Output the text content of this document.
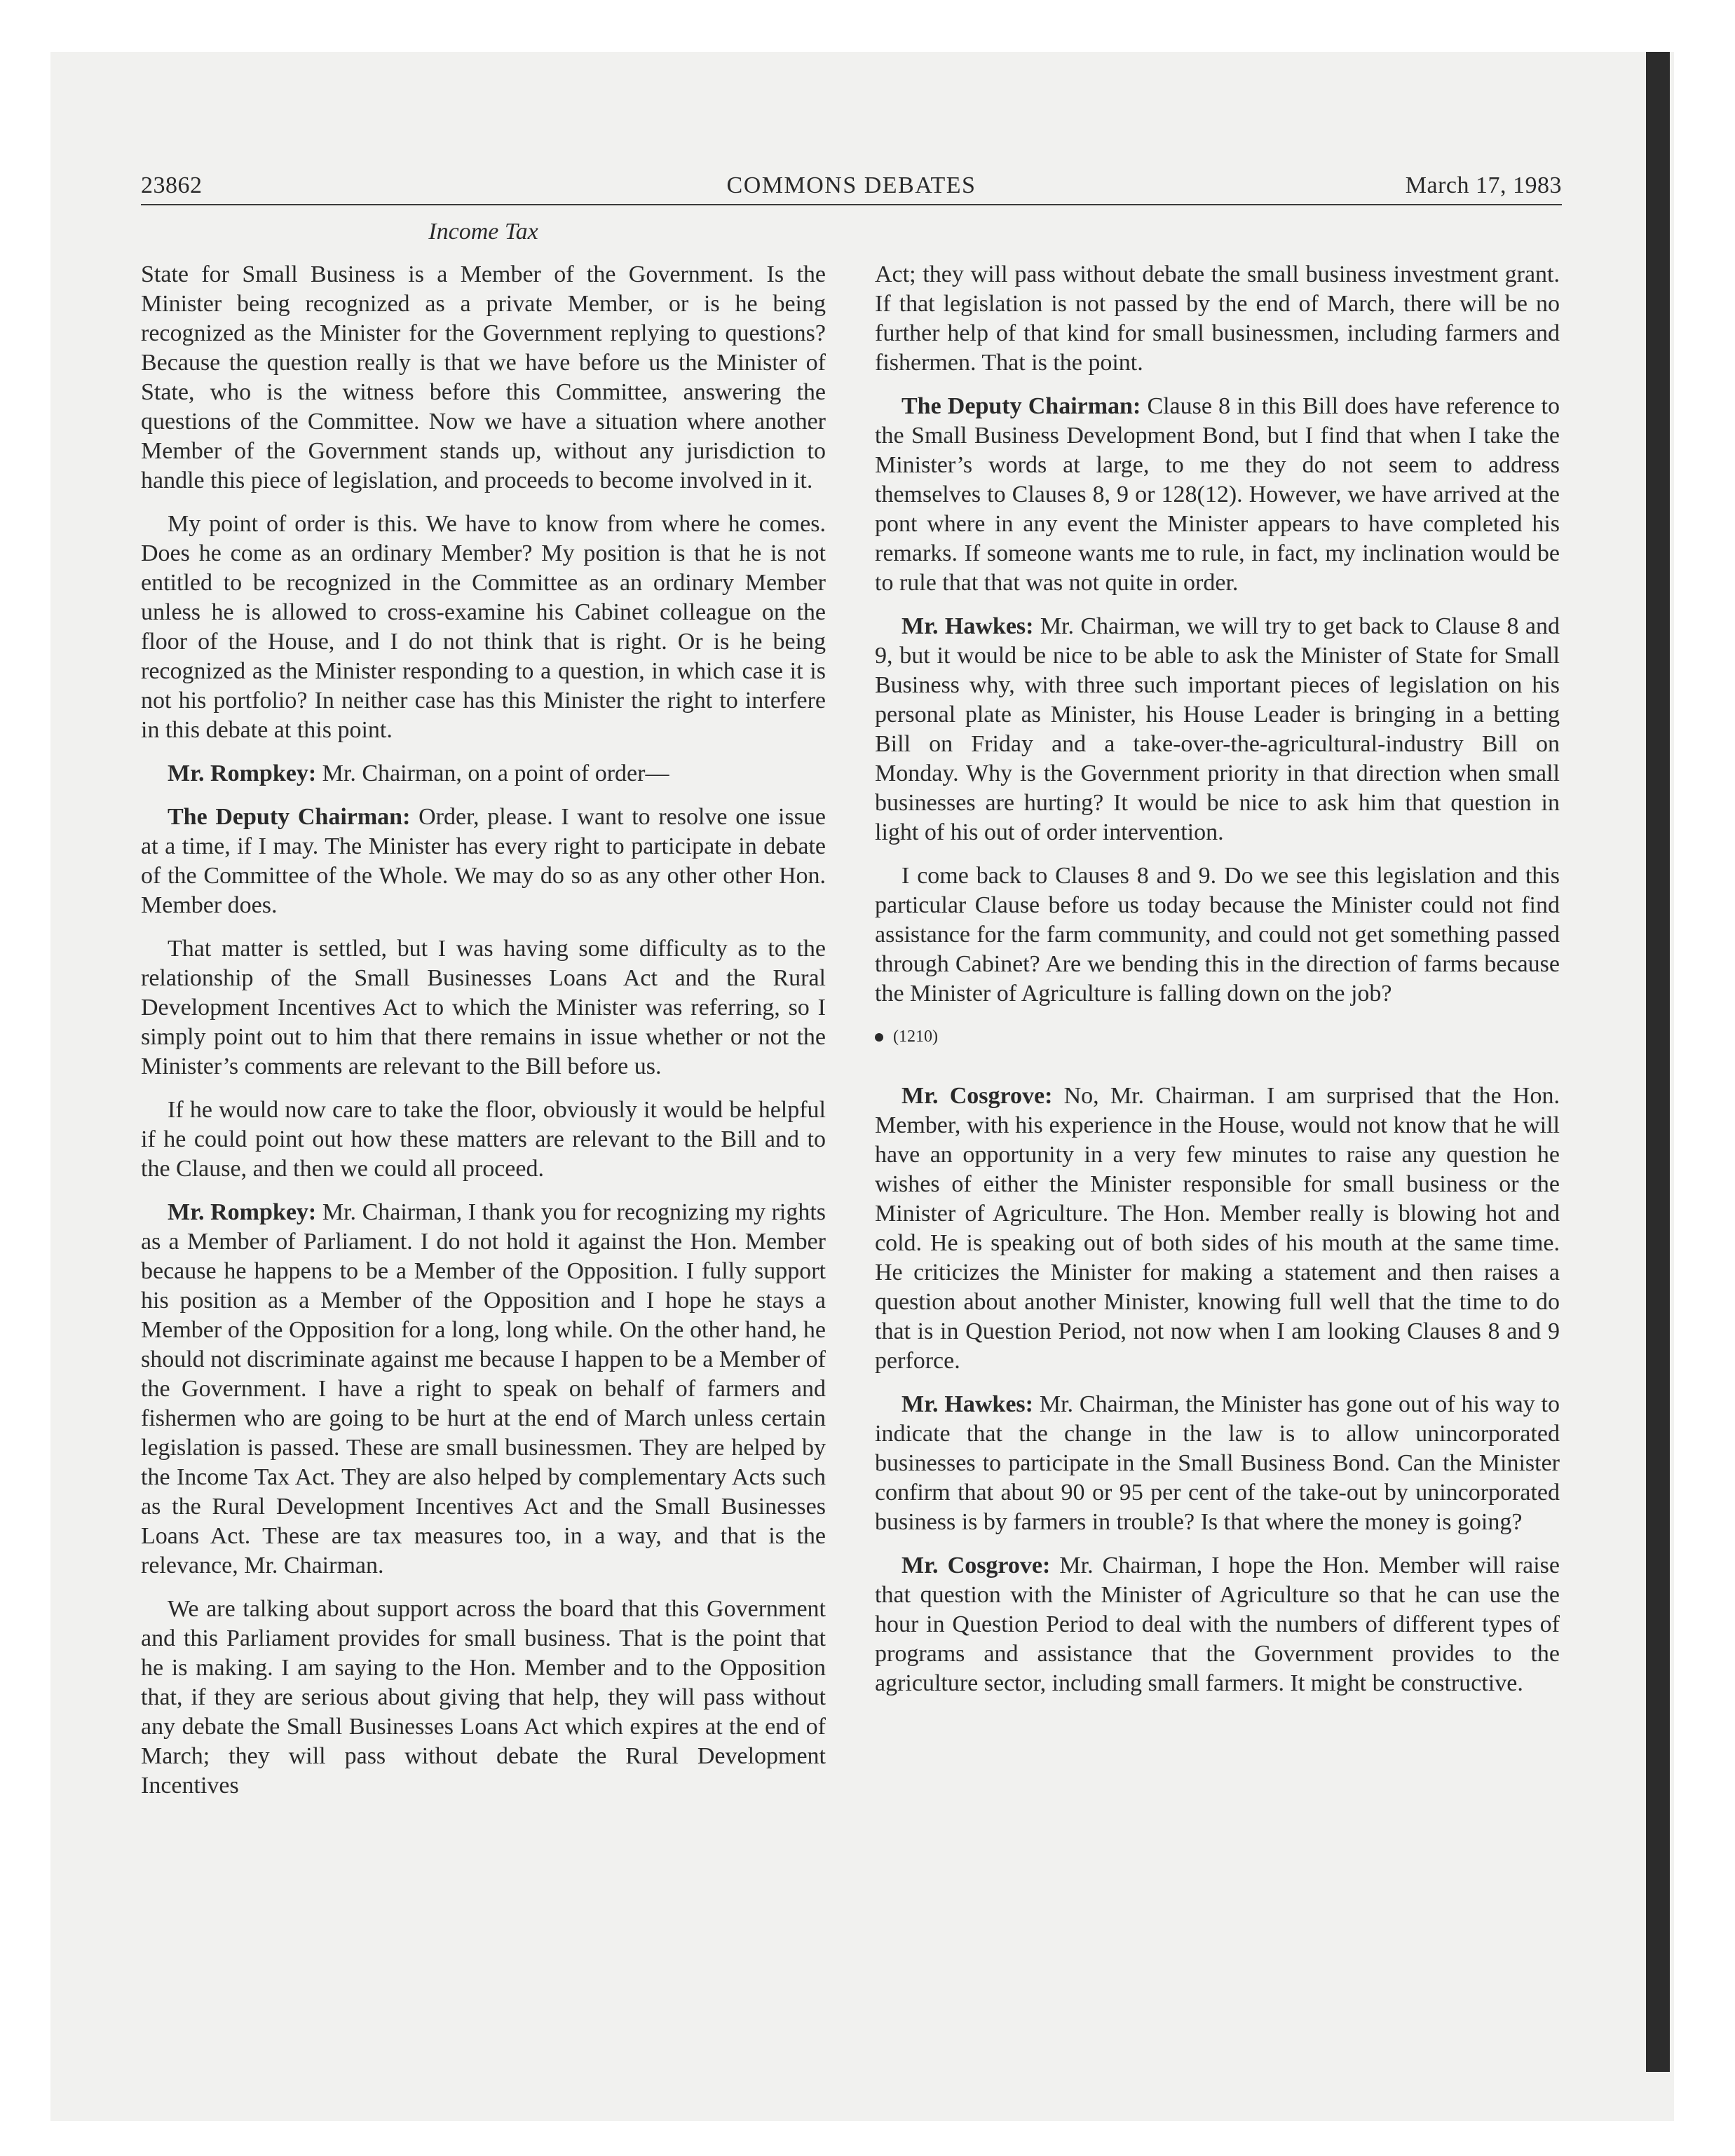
23862	COMMONS DEBATES	March 17, 1983
Income Tax

State for Small Business is a Member of the Government. Is the Minister being recognized as a private Member, or is he being recognized as the Minister for the Government replying to questions? Because the question really is that we have before us the Minister of State, who is the witness before this Committee, answering the questions of the Committee. Now we have a situation where another Member of the Government stands up, without any jurisdiction to handle this piece of legislation, and proceeds to become involved in it.

My point of order is this. We have to know from where he comes. Does he come as an ordinary Member? My position is that he is not entitled to be recognized in the Committee as an ordinary Member unless he is allowed to cross-examine his Cabinet colleague on the floor of the House, and I do not think that is right. Or is he being recognized as the Minister responding to a question, in which case it is not his portfolio? In neither case has this Minister the right to interfere in this debate at this point.

Mr. Rompkey: Mr. Chairman, on a point of order—

The Deputy Chairman: Order, please. I want to resolve one issue at a time, if I may. The Minister has every right to participate in debate of the Committee of the Whole. We may do so as any other other Hon. Member does.

That matter is settled, but I was having some difficulty as to the relationship of the Small Businesses Loans Act and the Rural Development Incentives Act to which the Minister was referring, so I simply point out to him that there remains in issue whether or not the Minister’s comments are relevant to the Bill before us.

If he would now care to take the floor, obviously it would be helpful if he could point out how these matters are relevant to the Bill and to the Clause, and then we could all proceed.

Mr. Rompkey: Mr. Chairman, I thank you for recognizing my rights as a Member of Parliament. I do not hold it against the Hon. Member because he happens to be a Member of the Opposition. I fully support his position as a Member of the Opposition and I hope he stays a Member of the Opposition for a long, long while. On the other hand, he should not discriminate against me because I happen to be a Member of the Government. I have a right to speak on behalf of farmers and fishermen who are going to be hurt at the end of March unless certain legislation is passed. These are small businessmen. They are helped by the Income Tax Act. They are also helped by complementary Acts such as the Rural Development Incentives Act and the Small Businesses Loans Act. These are tax measures too, in a way, and that is the relevance, Mr. Chairman.

We are talking about support across the board that this Government and this Parliament provides for small business. That is the point that he is making. I am saying to the Hon. Member and to the Opposition that, if they are serious about giving that help, they will pass without any debate the Small Businesses Loans Act which expires at the end of March; they will pass without debate the Rural Development Incentives

Act; they will pass without debate the small business investment grant. If that legislation is not passed by the end of March, there will be no further help of that kind for small businessmen, including farmers and fishermen. That is the point.

The Deputy Chairman: Clause 8 in this Bill does have reference to the Small Business Development Bond, but I find that when I take the Minister’s words at large, to me they do not seem to address themselves to Clauses 8, 9 or 128(12). However, we have arrived at the pont where in any event the Minister appears to have completed his remarks. If someone wants me to rule, in fact, my inclination would be to rule that that was not quite in order.

Mr. Hawkes: Mr. Chairman, we will try to get back to Clause 8 and 9, but it would be nice to be able to ask the Minister of State for Small Business why, with three such important pieces of legislation on his personal plate as Minister, his House Leader is bringing in a betting Bill on Friday and a take-over-the-agricultural-industry Bill on Monday. Why is the Government priority in that direction when small businesses are hurting? It would be nice to ask him that question in light of his out of order intervention.

I come back to Clauses 8 and 9. Do we see this legislation and this particular Clause before us today because the Minister could not find assistance for the farm community, and could not get something passed through Cabinet? Are we bending this in the direction of farms because the Minister of Agriculture is falling down on the job?

(1210)

Mr. Cosgrove: No, Mr. Chairman. I am surprised that the Hon. Member, with his experience in the House, would not know that he will have an opportunity in a very few minutes to raise any question he wishes of either the Minister responsible for small business or the Minister of Agriculture. The Hon. Member really is blowing hot and cold. He is speaking out of both sides of his mouth at the same time. He criticizes the Minister for making a statement and then raises a question about another Minister, knowing full well that the time to do that is in Question Period, not now when I am looking Clauses 8 and 9 perforce.

Mr. Hawkes: Mr. Chairman, the Minister has gone out of his way to indicate that the change in the law is to allow unincorporated businesses to participate in the Small Business Bond. Can the Minister confirm that about 90 or 95 per cent of the take-out by unincorporated business is by farmers in trouble? Is that where the money is going?

Mr. Cosgrove: Mr. Chairman, I hope the Hon. Member will raise that question with the Minister of Agriculture so that he can use the hour in Question Period to deal with the numbers of different types of programs and assistance that the Government provides to the agriculture sector, including small farmers. It might be constructive.
